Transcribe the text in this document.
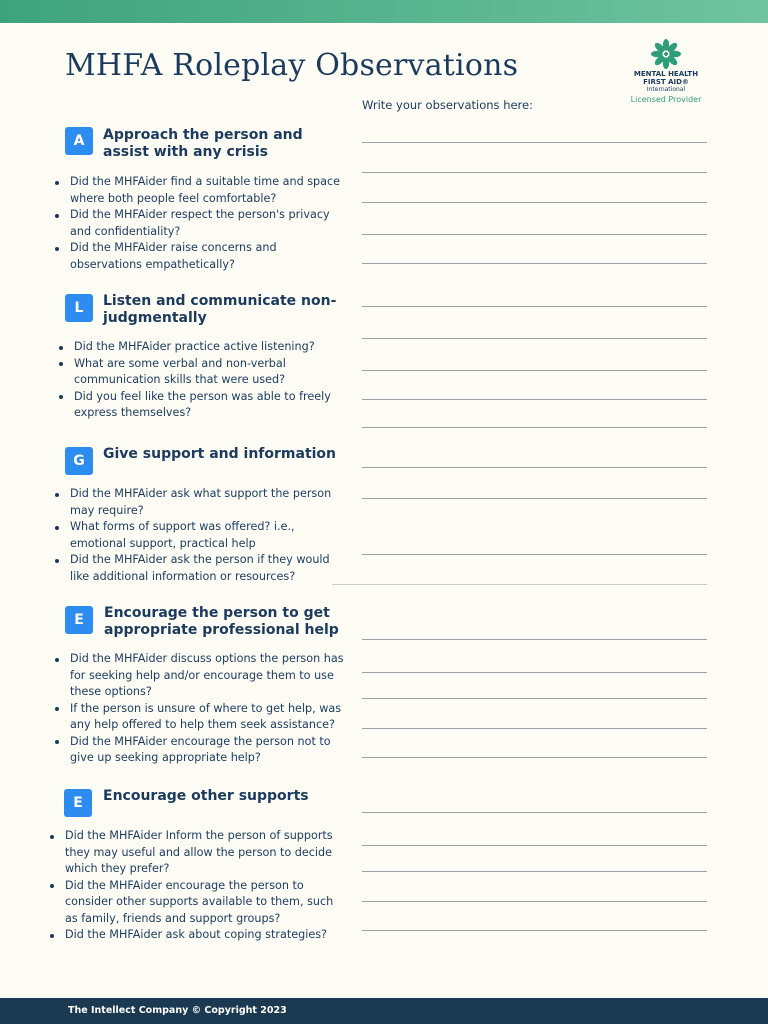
MHFA Roleplay Observations	MENTAL HEALTH
FIRST AID®
International
Licensed Provider
Write your observations here:
A	Approach the person and assist with any crisis
Did the MHFAider find a suitable time and space where both people feel comfortable?
Did the MHFAider respect the person's privacy and confidentiality?
Did the MHFAider raise concerns and observations empathetically?
L	Listen and communicate non-judgmentally
Did the MHFAider practice active listening?
What are some verbal and non-verbal communication skills that were used?
Did you feel like the person was able to freely express themselves?
G	Give support and information
Did the MHFAider ask what support the person may require?
What forms of support was offered? i.e., emotional support, practical help
Did the MHFAider ask the person if they would like additional information or resources?
E	Encourage the person to get appropriate professional help
Did the MHFAider discuss options the person has for seeking help and/or encourage them to use these options?
If the person is unsure of where to get help, was any help offered to help them seek assistance?
Did the MHFAider encourage the person not to give up seeking appropriate help?
E	Encourage other supports
Did the MHFAider Inform the person of supports they may useful and allow the person to decide which they prefer?
Did the MHFAider encourage the person to consider other supports available to them, such as family, friends and support groups?
Did the MHFAider ask about coping strategies?
The Intellect Company © Copyright 2023
